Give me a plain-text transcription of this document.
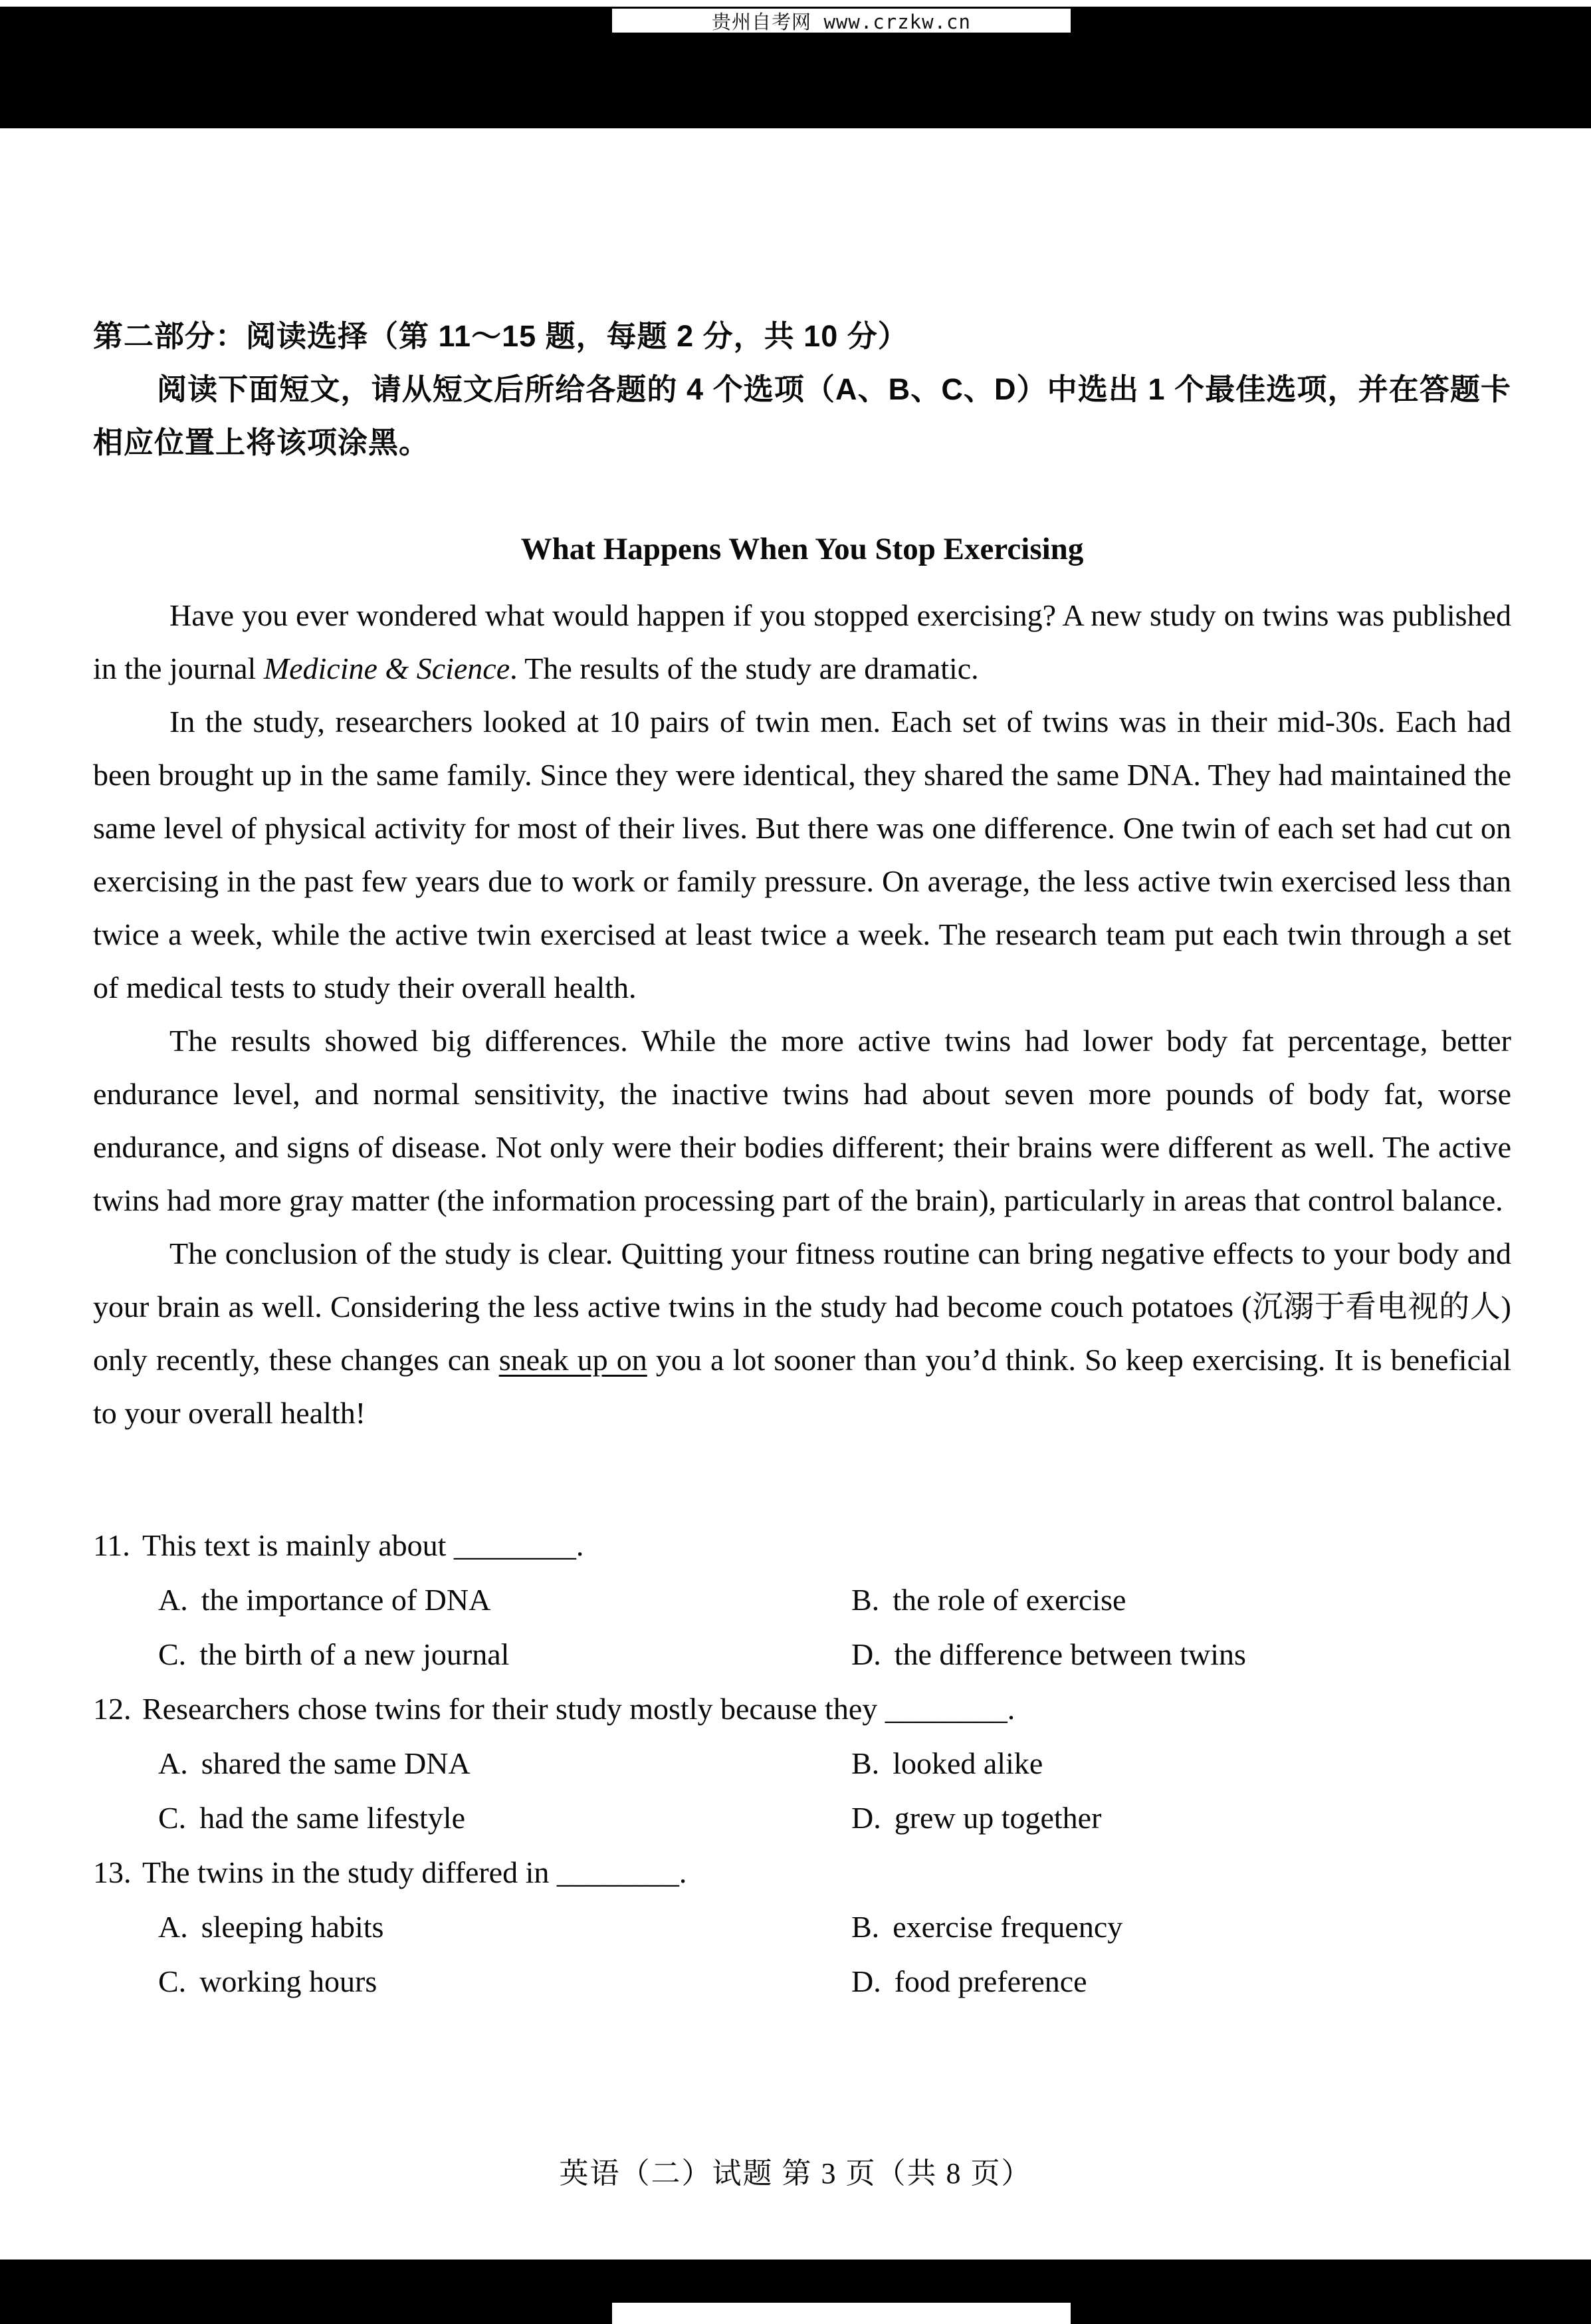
贵州自考网 www.crzkw.cn
第二部分：阅读选择（第 11～15 题，每题 2 分，共 10 分）
阅读下面短文，请从短文后所给各题的 4 个选项（A、B、C、D）中选出 1 个最佳选项，并在答题卡相应位置上将该项涂黑。
What Happens When You Stop Exercising

Have you ever wondered what would happen if you stopped exercising? A new study on twins was published in the journal Medicine & Science. The results of the study are dramatic.

In the study, researchers looked at 10 pairs of twin men. Each set of twins was in their mid-30s. Each had been brought up in the same family. Since they were identical, they shared the same DNA. They had maintained the same level of physical activity for most of their lives. But there was one difference. One twin of each set had cut on exercising in the past few years due to work or family pressure. On average, the less active twin exercised less than twice a week, while the active twin exercised at least twice a week. The research team put each twin through a set of medical tests to study their overall health.

The results showed big differences. While the more active twins had lower body fat percentage, better endurance level, and normal sensitivity, the inactive twins had about seven more pounds of body fat, worse endurance, and signs of disease. Not only were their bodies different; their brains were different as well. The active twins had more gray matter (the information processing part of the brain), particularly in areas that control balance.

The conclusion of the study is clear. Quitting your fitness routine can bring negative effects to your body and your brain as well. Considering the less active twins in the study had become couch potatoes (沉溺于看电视的人) only recently, these changes can sneak up on you a lot sooner than you’d think. So keep exercising. It is beneficial to your overall health!

11. This text is mainly about ________.
A. the importance of DNA	B. the role of exercise
C. the birth of a new journal	D. the difference between twins
12. Researchers chose twins for their study mostly because they ________.
A. shared the same DNA	B. looked alike
C. had the same lifestyle	D. grew up together
13. The twins in the study differed in ________.
A. sleeping habits	B. exercise frequency
C. working hours	D. food preference
英语（二）试题 第 3 页（共 8 页）
